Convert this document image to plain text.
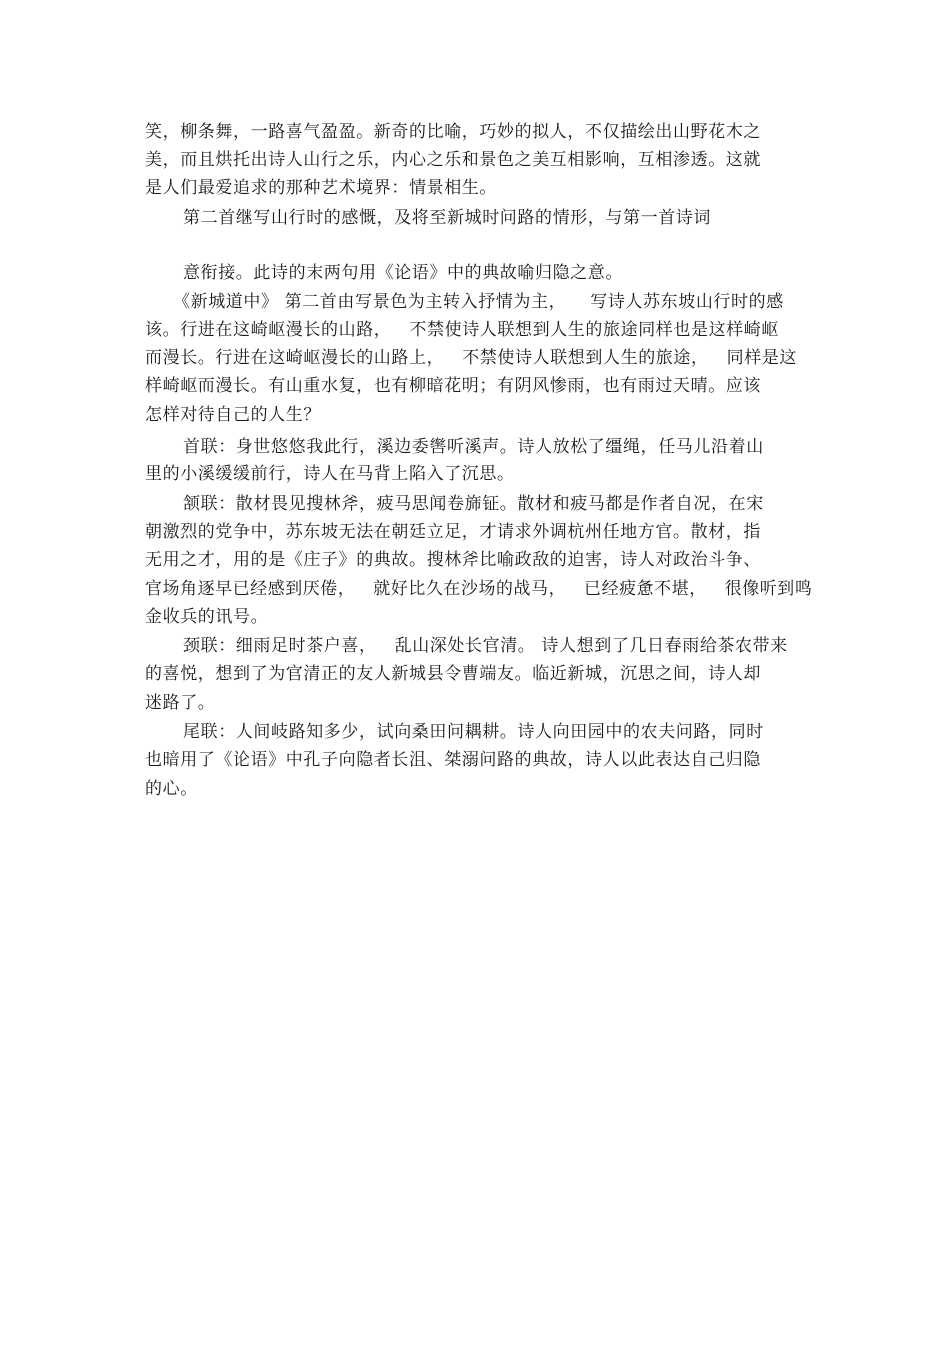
笑，柳条舞，一路喜气盈盈。新奇的比喻，巧妙的拟人，不仅描绘出山野花木之
美，而且烘托出诗人山行之乐，内心之乐和景色之美互相影响，互相渗透。这就
是人们最爱追求的那种艺术境界：情景相生。
第二首继写山行时的感慨，及将至新城时问路的情形，与第一首诗词
意衔接。此诗的末两句用《论语》中的典故喻归隐之意。
《新城道中》 第二首由写景色为主转入抒情为主，    写诗人苏东坡山行时的感
该。行进在这崎岖漫长的山路，   不禁使诗人联想到人生的旅途同样也是这样崎岖
而漫长。行进在这崎岖漫长的山路上，   不禁使诗人联想到人生的旅途，   同样是这
样崎岖而漫长。有山重水复，也有柳暗花明；有阴风惨雨，也有雨过天晴。应该
怎样对待自己的人生？
首联：身世悠悠我此行，溪边委辔听溪声。诗人放松了缰绳，任马儿沿着山
里的小溪缓缓前行，诗人在马背上陷入了沉思。
颔联：散材畏见搜林斧，疲马思闻卷旆钲。散材和疲马都是作者自况，在宋
朝激烈的党争中，苏东坡无法在朝廷立足，才请求外调杭州任地方官。散材，指
无用之才，用的是《庄子》的典故。搜林斧比喻政敌的迫害，诗人对政治斗争、
官场角逐早已经感到厌倦，   就好比久在沙场的战马，   已经疲惫不堪，   很像听到鸣
金收兵的讯号。
颈联：细雨足时茶户喜，   乱山深处长官清。 诗人想到了几日春雨给茶农带来
的喜悦，想到了为官清正的友人新城县令曹端友。临近新城，沉思之间，诗人却
迷路了。
尾联：人间岐路知多少，试向桑田问耦耕。诗人向田园中的农夫问路，同时
也暗用了《论语》中孔子向隐者长沮、桀溺问路的典故，诗人以此表达自己归隐
的心。
